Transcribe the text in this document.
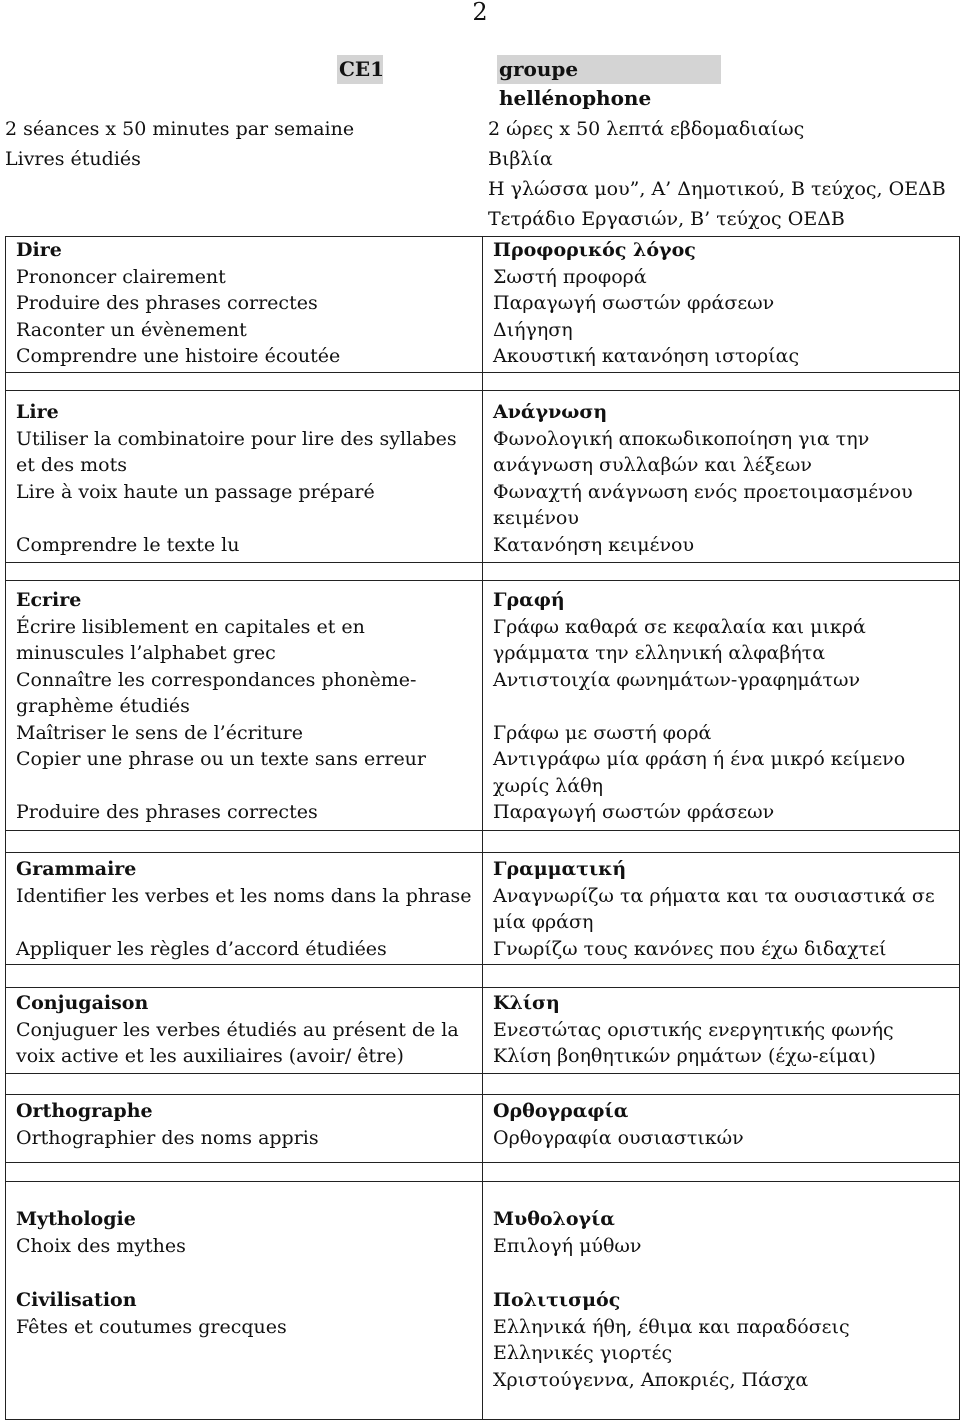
2
CE1	groupe hellénophone
2 séances x 50 minutes par semaine
Livres étudiés
2 ώρες x 50 λεπτά εβδομαδιαίως
Βιβλία
Η γλώσσα μου”, Α’ Δημοτικού, Β τεύχος, ΟΕΔΒ
Τετράδιο Εργασιών, Β’ τεύχος ΟΕΔΒ
Dire
Prononcer clairement
Produire des phrases correctes
Raconter un évènement
Comprendre une histoire écoutée
Προφορικός λόγος
Σωστή προφορά
Παραγωγή σωστών φράσεων
Διήγηση
Ακουστική κατανόηση ιστορίας
Lire
Utiliser la combinatoire pour lire des syllabes
et des mots
Lire à voix haute un passage préparé

Comprendre le texte lu
Ανάγνωση
Φωνολογική αποκωδικοποίηση για την
ανάγνωση συλλαβών και λέξεων
Φωναχτή ανάγνωση ενός προετοιμασμένου
κειμένου
Κατανόηση κειμένου
Ecrire
Écrire lisiblement en capitales et en
minuscules l’alphabet grec
Connaître les correspondances phonème-
graphème étudiés
Maîtriser le sens de l’écriture
Copier une phrase ou un texte sans erreur

Produire des phrases correctes
Γραφή
Γράφω καθαρά σε κεφαλαία και μικρά
γράμματα την ελληνική αλφαβήτα
Αντιστοιχία φωνημάτων-γραφημάτων

Γράφω με σωστή φορά
Αντιγράφω μία φράση ή ένα μικρό κείμενο
χωρίς λάθη
Παραγωγή σωστών φράσεων
Grammaire
Identifier les verbes et les noms dans la phrase

Appliquer les règles d’accord étudiées
Γραμματική
Αναγνωρίζω τα ρήματα και τα ουσιαστικά σε
μία φράση
Γνωρίζω τους κανόνες που έχω διδαχτεί
Conjugaison
Conjuguer les verbes étudiés au présent de la
voix active et les auxiliaires (avoir/ être)
Κλίση
Ενεστώτας οριστικής ενεργητικής φωνής
Κλίση βοηθητικών ρημάτων (έχω-είμαι)
Orthographe
Orthographier des noms appris
Ορθογραφία
Ορθογραφία ουσιαστικών
Mythologie
Choix des mythes
Μυθολογία
Επιλογή μύθων
Civilisation
Fêtes et coutumes grecques
Πολιτισμός
Ελληνικά ήθη, έθιμα και παραδόσεις
Ελληνικές γιορτές
Χριστούγεννα, Αποκριές, Πάσχα
